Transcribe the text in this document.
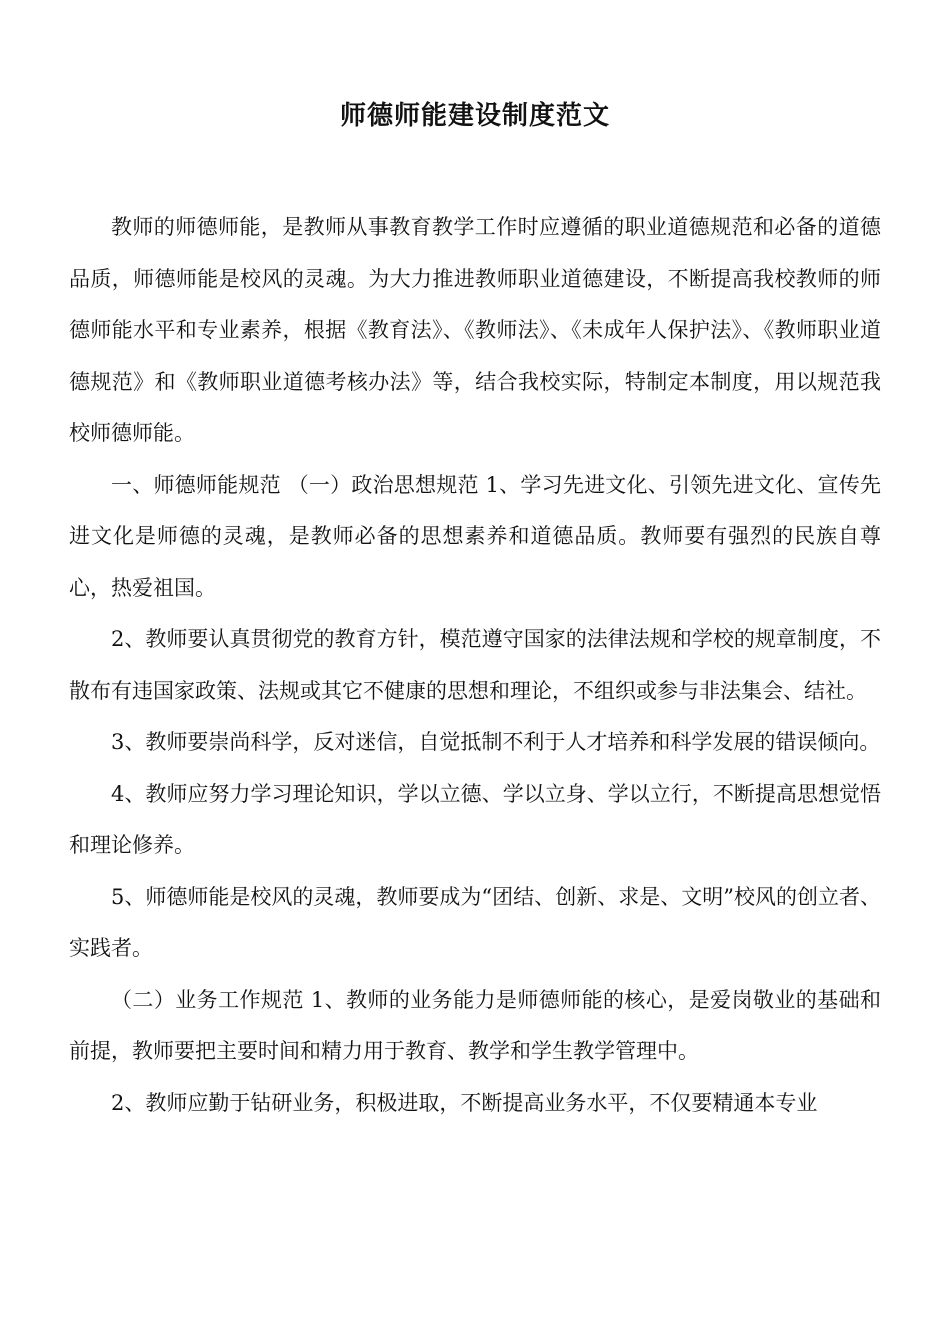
师德师能建设制度范文

教师的师德师能，是教师从事教育教学工作时应遵循的职业道德规范和必备的道德品质，师德师能是校风的灵魂。为大力推进教师职业道德建设，不断提高我校教师的师德师能水平和专业素养，根据《教育法》、《教师法》、《未成年人保护法》、《教师职业道德规范》和《教师职业道德考核办法》等，结合我校实际，特制定本制度，用以规范我校师德师能。

一、师德师能规范 （一）政治思想规范 1、学习先进文化、引领先进文化、宣传先进文化是师德的灵魂，是教师必备的思想素养和道德品质。教师要有强烈的民族自尊心，热爱祖国。

2、教师要认真贯彻党的教育方针，模范遵守国家的法律法规和学校的规章制度，不散布有违国家政策、法规或其它不健康的思想和理论，不组织或参与非法集会、结社。

3、教师要崇尚科学，反对迷信，自觉抵制不利于人才培养和科学发展的错误倾向。

4、教师应努力学习理论知识，学以立德、学以立身、学以立行，不断提高思想觉悟和理论修养。

5、师德师能是校风的灵魂，教师要成为“团结、创新、求是、文明”校风的创立者、实践者。

（二）业务工作规范 1、教师的业务能力是师德师能的核心，是爱岗敬业的基础和前提，教师要把主要时间和精力用于教育、教学和学生教学管理中。

2、教师应勤于钻研业务，积极进取，不断提高业务水平，不仅要精通本专业
